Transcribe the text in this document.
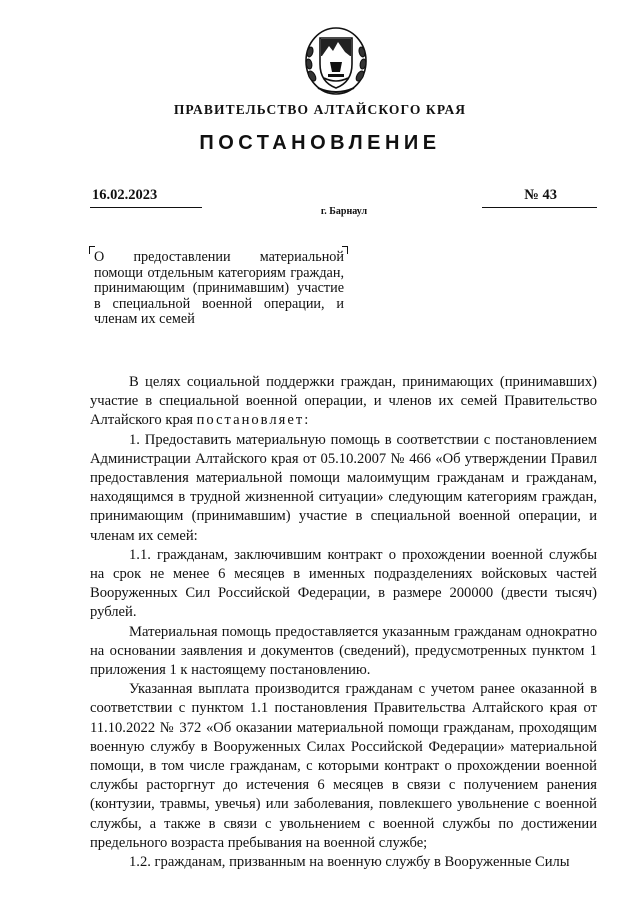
ПРАВИТЕЛЬСТВО АЛТАЙСКОГО КРАЯ
ПОСТАНОВЛЕНИЕ
16.02.2023	№ 43
г. Барнаул
О предоставлении материальной помощи отдельным категориям граждан, принимающим (принимавшим) участие в специальной военной операции, и членам их семей

В целях социальной поддержки граждан, принимающих (принимавших) участие в специальной военной операции, и членов их семей Правительство Алтайского края постановляет:

1. Предоставить материальную помощь в соответствии с постановлением Администрации Алтайского края от 05.10.2007 № 466 «Об утверждении Правил предоставления материальной помощи малоимущим гражданам и гражданам, находящимся в трудной жизненной ситуации» следующим категориям граждан, принимающим (принимавшим) участие в специальной военной операции, и членам их семей:

1.1. гражданам, заключившим контракт о прохождении военной службы на срок не менее 6 месяцев в именных подразделениях войсковых частей Вооруженных Сил Российской Федерации, в размере 200000 (двести тысяч) рублей.

Материальная помощь предоставляется указанным гражданам однократно на основании заявления и документов (сведений), предусмотренных пунктом 1 приложения 1 к настоящему постановлению.

Указанная выплата производится гражданам с учетом ранее оказанной в соответствии с пунктом 1.1 постановления Правительства Алтайского края от 11.10.2022 № 372 «Об оказании материальной помощи гражданам, проходящим военную службу в Вооруженных Силах Российской Федерации» материальной помощи, в том числе гражданам, с которыми контракт о прохождении военной службы расторгнут до истечения 6 месяцев в связи с получением ранения (контузии, травмы, увечья) или заболевания, повлекшего увольнение с военной службы, а также в связи с увольнением с военной службы по достижении предельного возраста пребывания на военной службе;

1.2. гражданам, призванным на военную службу в Вооруженные Силы
